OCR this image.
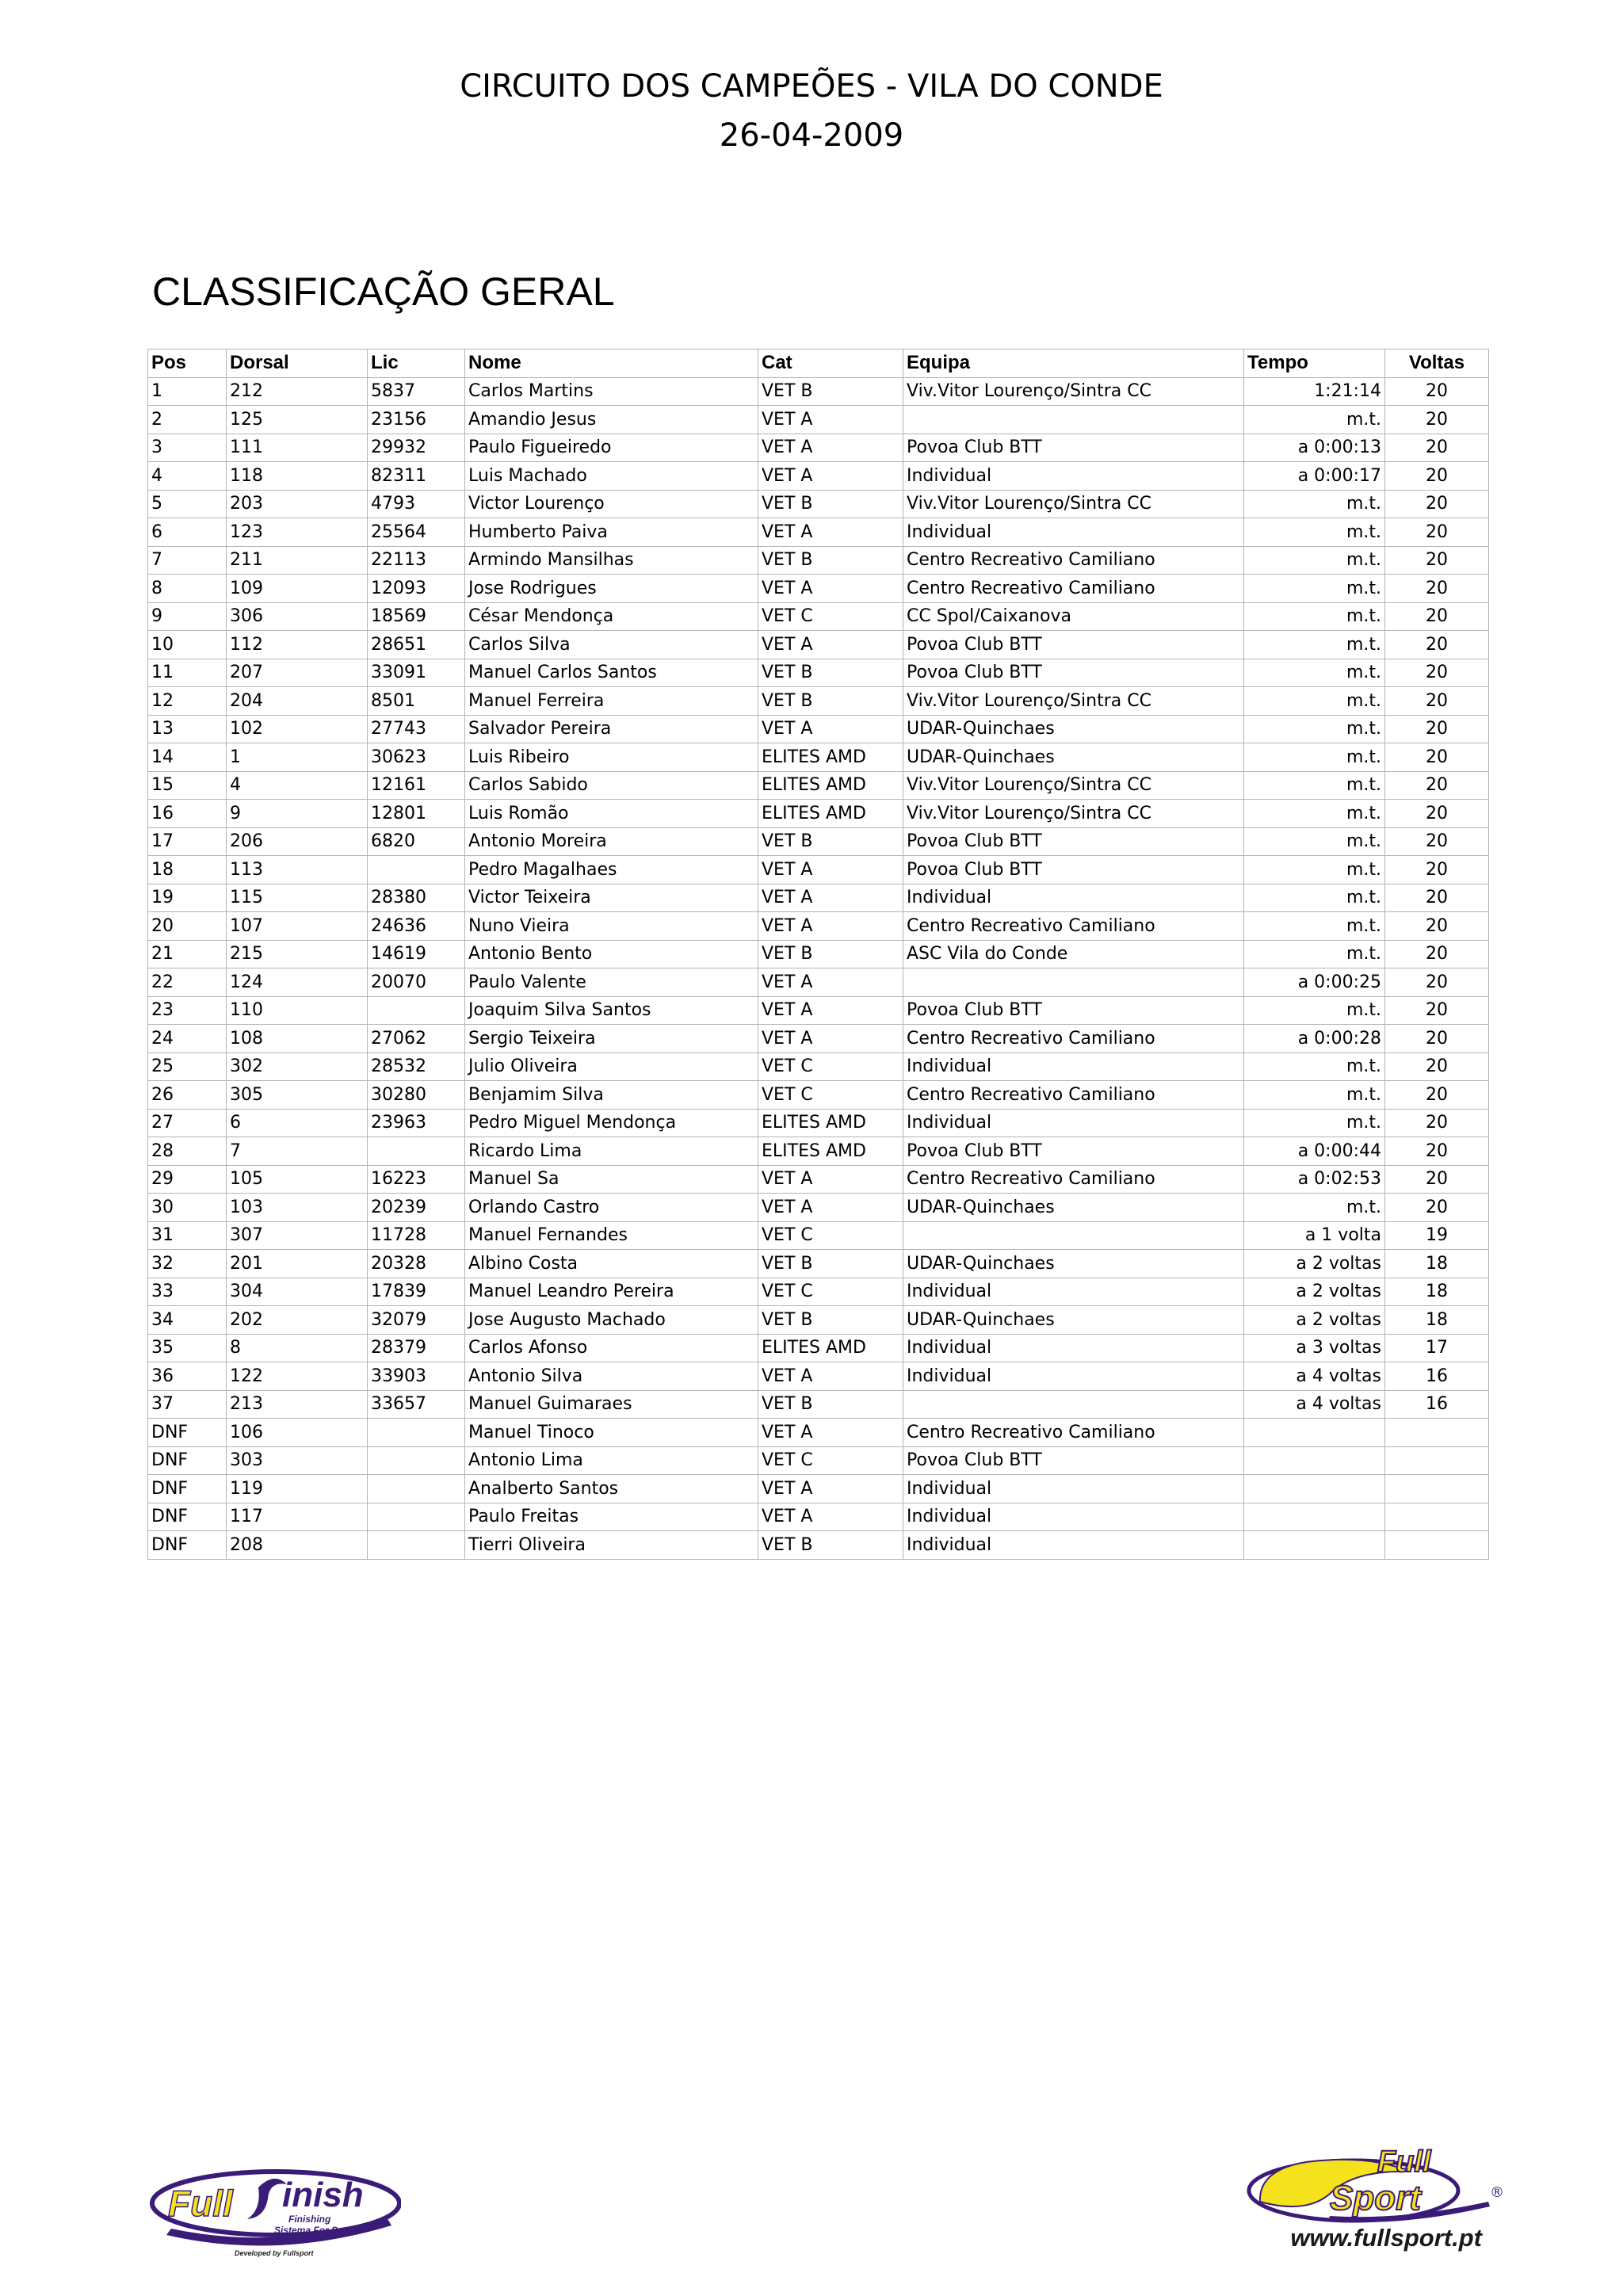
CIRCUITO DOS CAMPEÕES - VILA DO CONDE
26-04-2009
CLASSIFICAÇÃO GERAL
Pos	Dorsal	Lic	Nome	Cat	Equipa	Tempo	Voltas
1	212	5837	Carlos Martins	VET B	Viv.Vitor Lourenço/Sintra CC	1:21:14	20
2	125	23156	Amandio Jesus	VET A		m.t.	20
3	111	29932	Paulo Figueiredo	VET A	Povoa Club BTT	a 0:00:13	20
4	118	82311	Luis Machado	VET A	Individual	a 0:00:17	20
5	203	4793	Victor Lourenço	VET B	Viv.Vitor Lourenço/Sintra CC	m.t.	20
6	123	25564	Humberto Paiva	VET A	Individual	m.t.	20
7	211	22113	Armindo Mansilhas	VET B	Centro Recreativo Camiliano	m.t.	20
8	109	12093	Jose Rodrigues	VET A	Centro Recreativo Camiliano	m.t.	20
9	306	18569	César Mendonça	VET C	CC Spol/Caixanova	m.t.	20
10	112	28651	Carlos Silva	VET A	Povoa Club BTT	m.t.	20
11	207	33091	Manuel Carlos Santos	VET B	Povoa Club BTT	m.t.	20
12	204	8501	Manuel Ferreira	VET B	Viv.Vitor Lourenço/Sintra CC	m.t.	20
13	102	27743	Salvador Pereira	VET A	UDAR-Quinchaes	m.t.	20
14	1	30623	Luis Ribeiro	ELITES AMD	UDAR-Quinchaes	m.t.	20
15	4	12161	Carlos Sabido	ELITES AMD	Viv.Vitor Lourenço/Sintra CC	m.t.	20
16	9	12801	Luis Romão	ELITES AMD	Viv.Vitor Lourenço/Sintra CC	m.t.	20
17	206	6820	Antonio Moreira	VET B	Povoa Club BTT	m.t.	20
18	113		Pedro Magalhaes	VET A	Povoa Club BTT	m.t.	20
19	115	28380	Victor Teixeira	VET A	Individual	m.t.	20
20	107	24636	Nuno Vieira	VET A	Centro Recreativo Camiliano	m.t.	20
21	215	14619	Antonio Bento	VET B	ASC Vila do Conde	m.t.	20
22	124	20070	Paulo Valente	VET A		a 0:00:25	20
23	110		Joaquim Silva Santos	VET A	Povoa Club BTT	m.t.	20
24	108	27062	Sergio Teixeira	VET A	Centro Recreativo Camiliano	a 0:00:28	20
25	302	28532	Julio Oliveira	VET C	Individual	m.t.	20
26	305	30280	Benjamim Silva	VET C	Centro Recreativo Camiliano	m.t.	20
27	6	23963	Pedro Miguel Mendonça	ELITES AMD	Individual	m.t.	20
28	7		Ricardo Lima	ELITES AMD	Povoa Club BTT	a 0:00:44	20
29	105	16223	Manuel Sa	VET A	Centro Recreativo Camiliano	a 0:02:53	20
30	103	20239	Orlando Castro	VET A	UDAR-Quinchaes	m.t.	20
31	307	11728	Manuel Fernandes	VET C		a 1 volta	19
32	201	20328	Albino Costa	VET B	UDAR-Quinchaes	a 2 voltas	18
33	304	17839	Manuel Leandro Pereira	VET C	Individual	a 2 voltas	18
34	202	32079	Jose Augusto Machado	VET B	UDAR-Quinchaes	a 2 voltas	18
35	8	28379	Carlos Afonso	ELITES AMD	Individual	a 3 voltas	17
36	122	33903	Antonio Silva	VET A	Individual	a 4 voltas	16
37	213	33657	Manuel Guimaraes	VET B		a 4 voltas	16
DNF	106		Manuel Tinoco	VET A	Centro Recreativo Camiliano		
DNF	303		Antonio Lima	VET C	Povoa Club BTT		
DNF	119		Analberto Santos	VET A	Individual		
DNF	117		Paulo Freitas	VET A	Individual		
DNF	208		Tierri Oliveira	VET B	Individual		
Full inish
Finishing
Sistema For Sports
Developed by Fullsport
Full
Sport	®
www.fullsport.pt
